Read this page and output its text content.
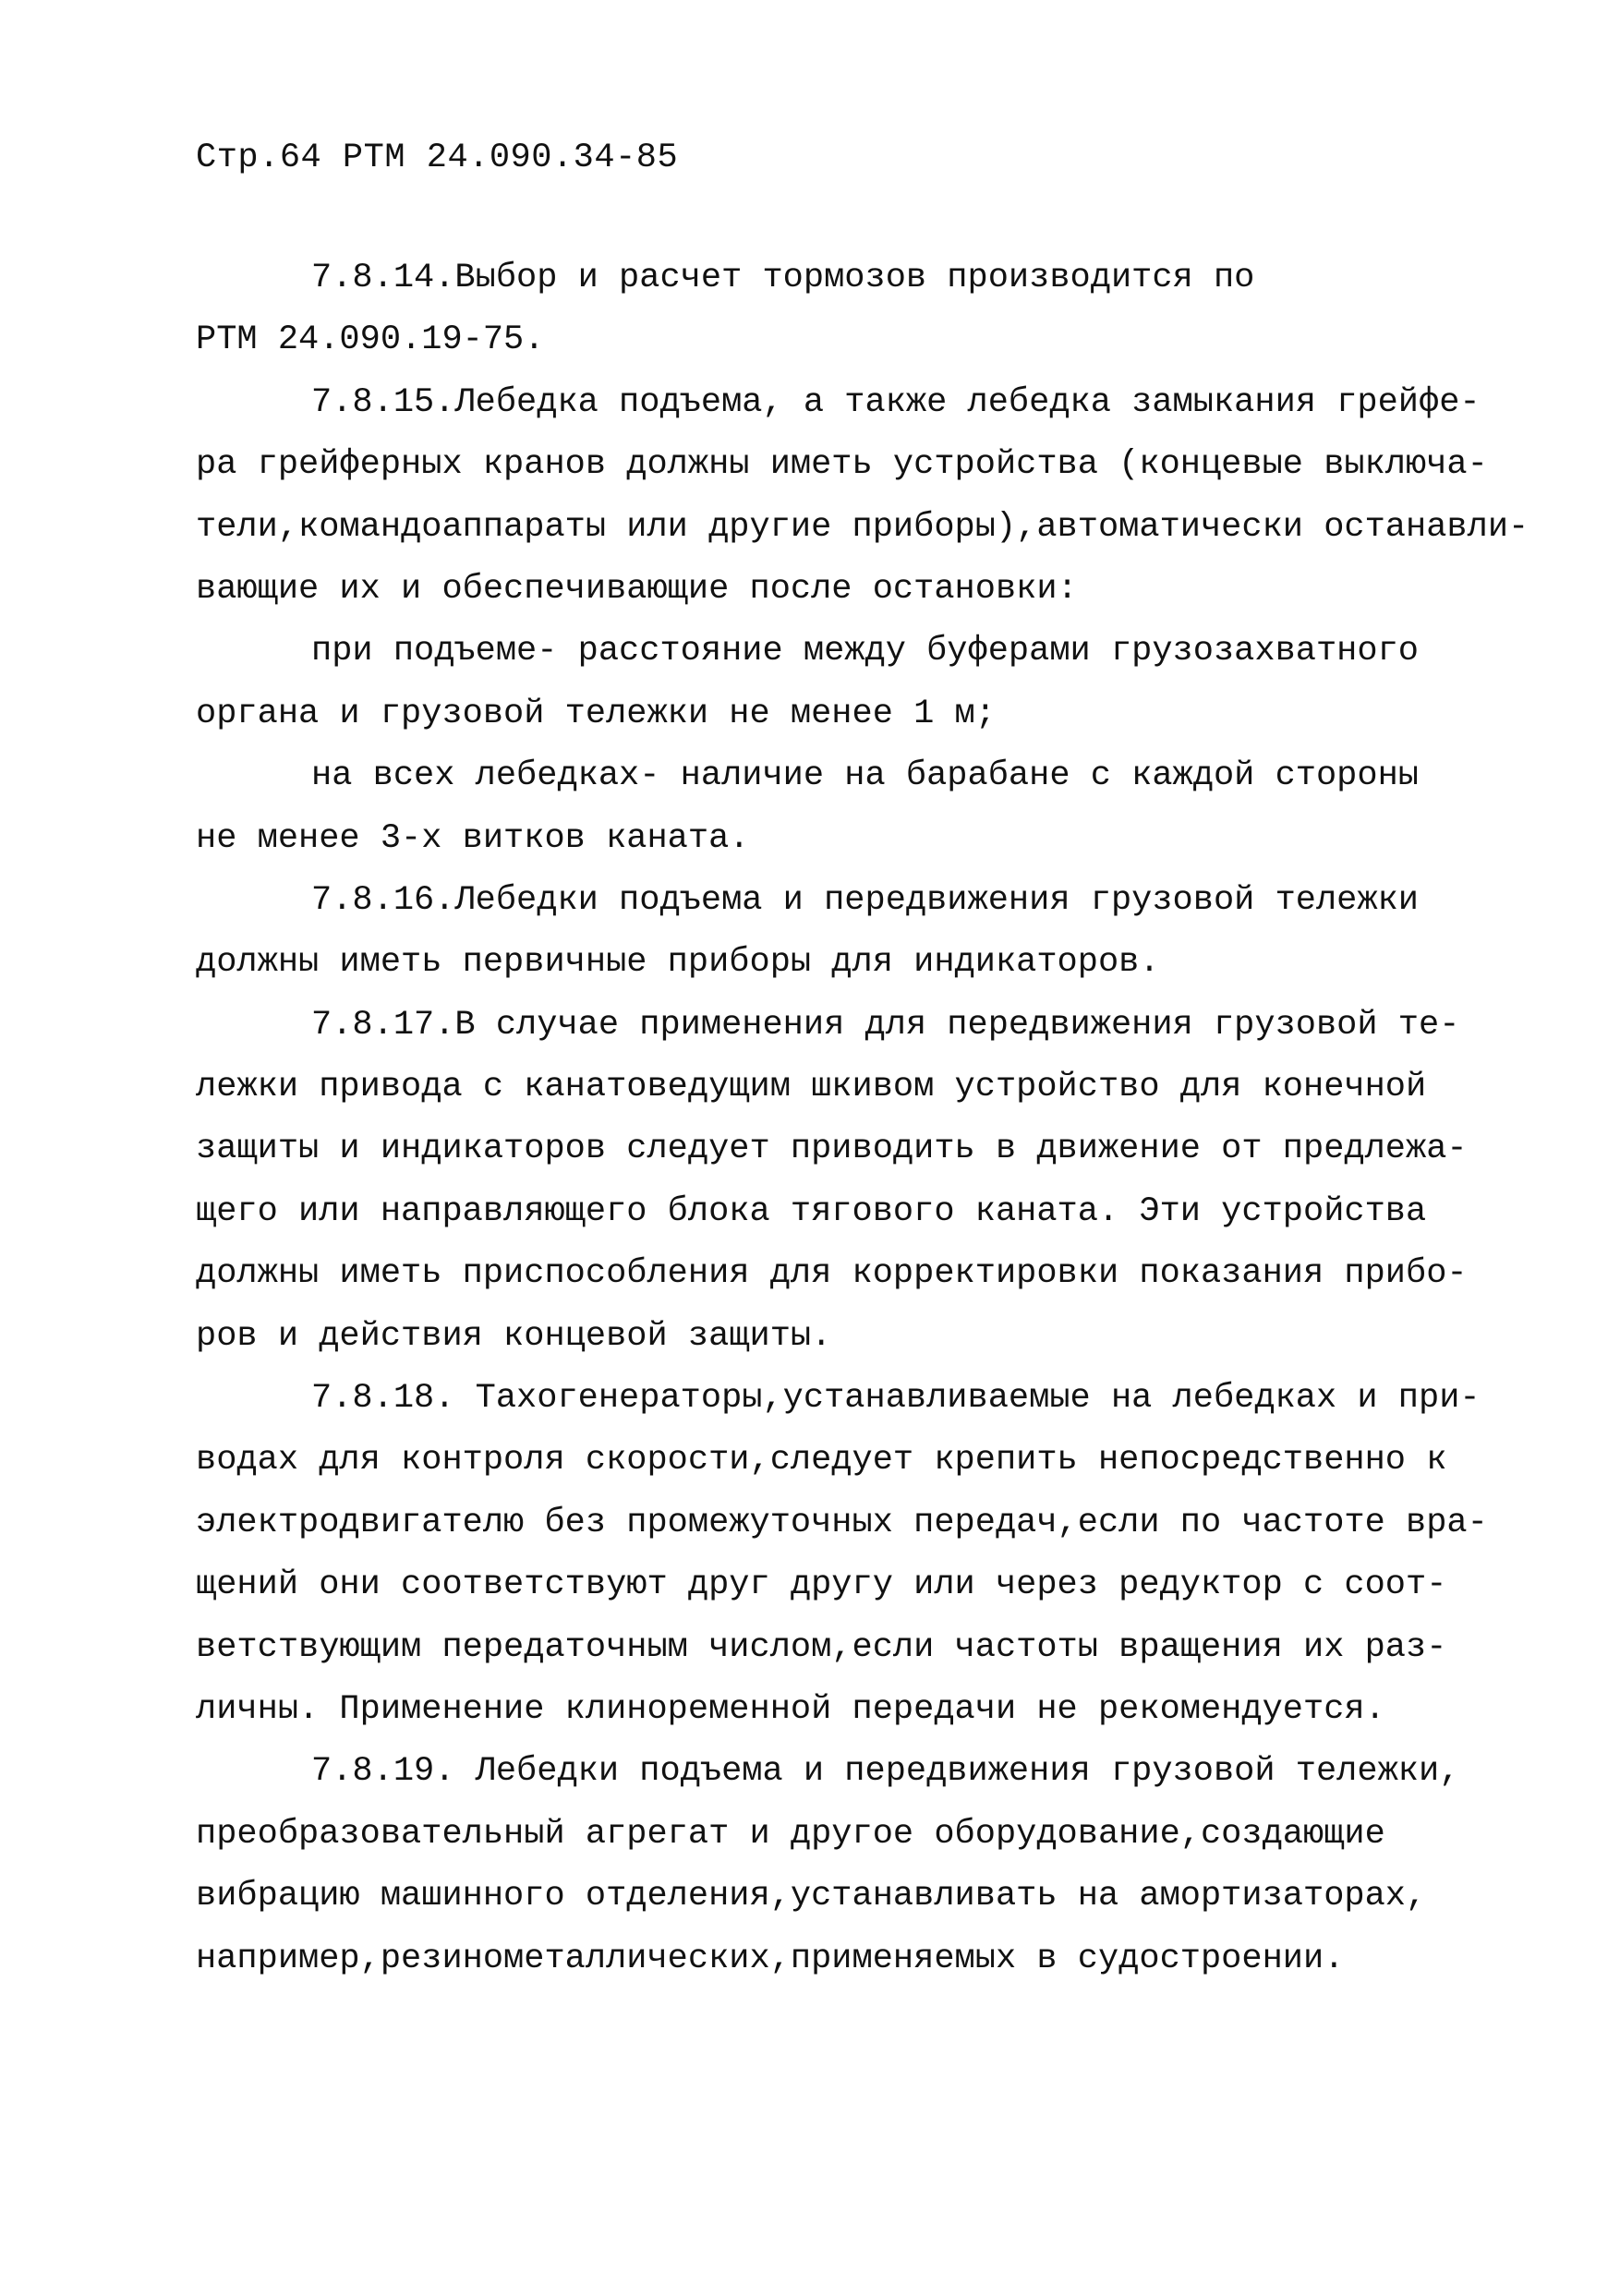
Стр.64 РТМ 24.090.34-85
7.8.14.Выбор и расчет тормозов производится по
РТМ 24.090.19-75.
7.8.15.Лебедка подъема, а также лебедка замыкания грейфе-
ра грейферных кранов должны иметь устройства (концевые выключа-
тели,командоаппараты или другие приборы),автоматически останавли-
вающие их и обеспечивающие после остановки:
при подъеме- расстояние между буферами грузозахватного
органа и грузовой тележки не менее 1 м;
на всех лебедках- наличие на барабане с каждой стороны
не менее 3-х витков каната.
7.8.16.Лебедки подъема и передвижения грузовой тележки
должны иметь первичные приборы для индикаторов.
7.8.17.В случае применения для передвижения грузовой те-
лежки привода с канатоведущим шкивом устройство для конечной
защиты и индикаторов следует приводить в движение от предлежа-
щего или направляющего блока тягового каната. Эти устройства
должны иметь приспособления для корректировки показания прибо-
ров и действия концевой защиты.
7.8.18. Тахогенераторы,устанавливаемые на лебедках и при-
водах для контроля скорости,следует крепить непосредственно к
электродвигателю без промежуточных передач,если по частоте вра-
щений они соответствуют друг другу или через редуктор с соот-
ветствующим передаточным числом,если частоты вращения их раз-
личны. Применение клиноременной передачи не рекомендуется.
7.8.19. Лебедки подъема и передвижения грузовой тележки,
преобразовательный агрегат и другое оборудование,создающие
вибрацию машинного отделения,устанавливать на амортизаторах,
например,резинометаллических,применяемых в судостроении.
